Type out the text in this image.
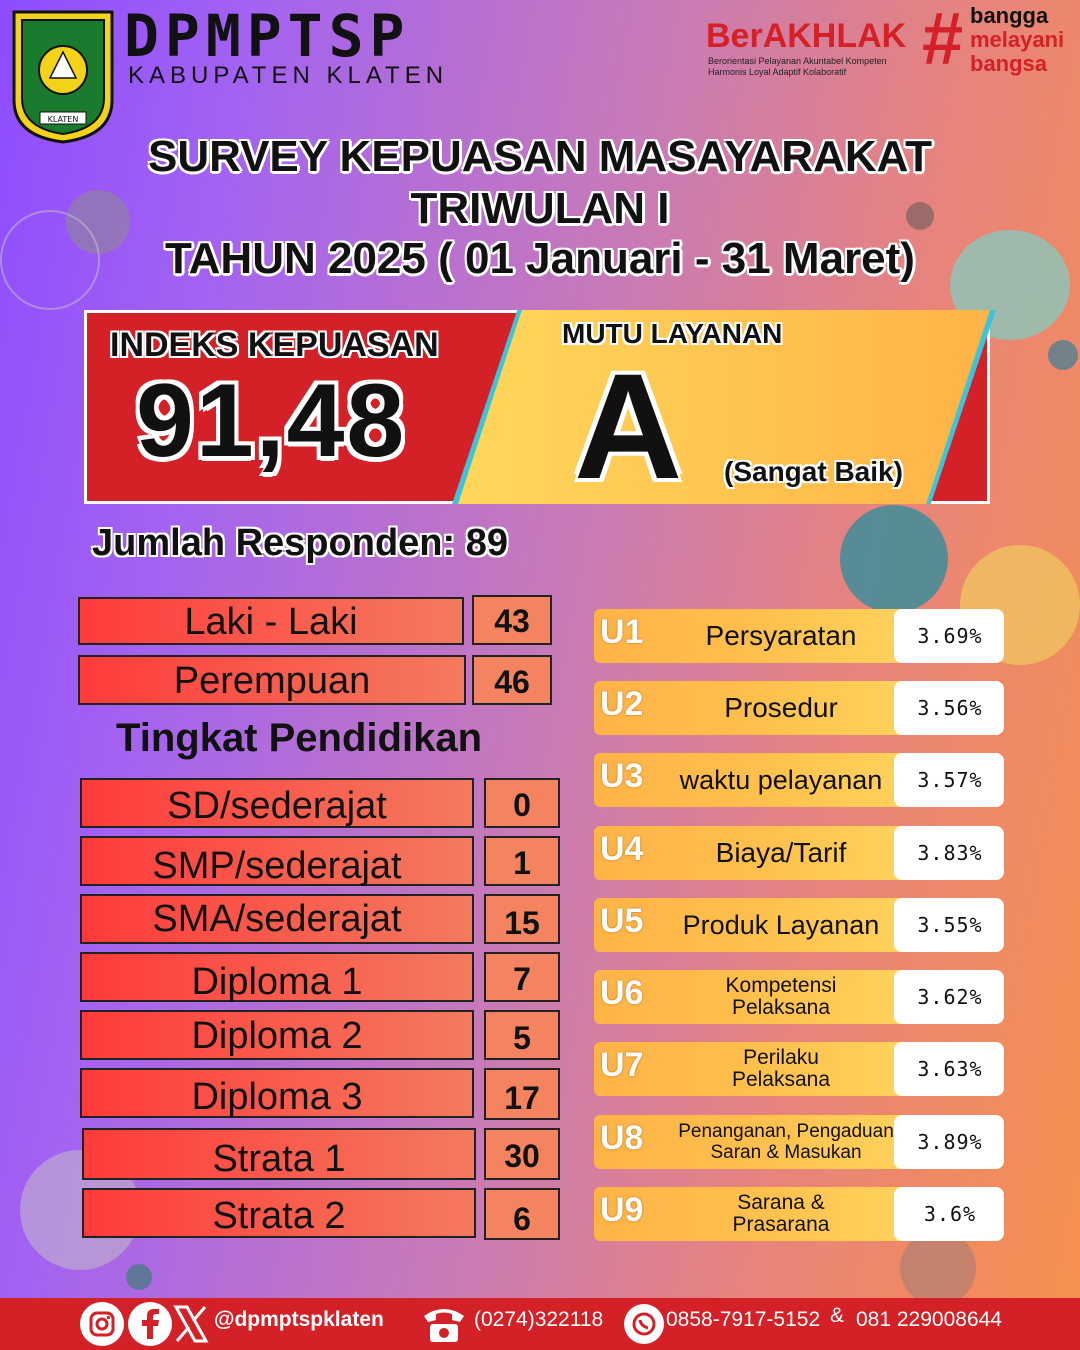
KLATEN
DPMPTSP
KABUPATEN KLATEN
BerAKHLAK
Berorientasi Pelayanan Akuntabel Kompeten Harmonis Loyal Adaptif Kolaboratif	# bangga
melayani
bangsa
SURVEY KEPUASAN MASAYARAKAT
TRIWULAN I
TAHUN 2025 ( 01 Januari - 31 Maret)
INDEKS KEPUASAN
91,48
MUTU LAYANAN
A (Sangat Baik)
Jumlah Responden: 89
Laki - Laki	43
Perempuan	46
Tingkat Pendidikan
SD/sederajat	0
SMP/sederajat	1
SMA/sederajat	15
Diploma 1	7
Diploma 2	5
Diploma 3	17
Strata 1	30
Strata 2	6
U1	Persyaratan	3.69%
U2	Prosedur	3.56%
U3	waktu pelayanan	3.57%
U4	Biaya/Tarif	3.83%
U5	Produk Layanan	3.55%
U6	Kompetensi Pelaksana	3.62%
U7	Perilaku Pelaksana	3.63%
U8	Penanganan, Pengaduan Saran & Masukan	3.89%
U9	Sarana & Prasarana	3.6%
@dpmptspklaten	(0274)322118	0858-7917-5152 & 081 229008644
